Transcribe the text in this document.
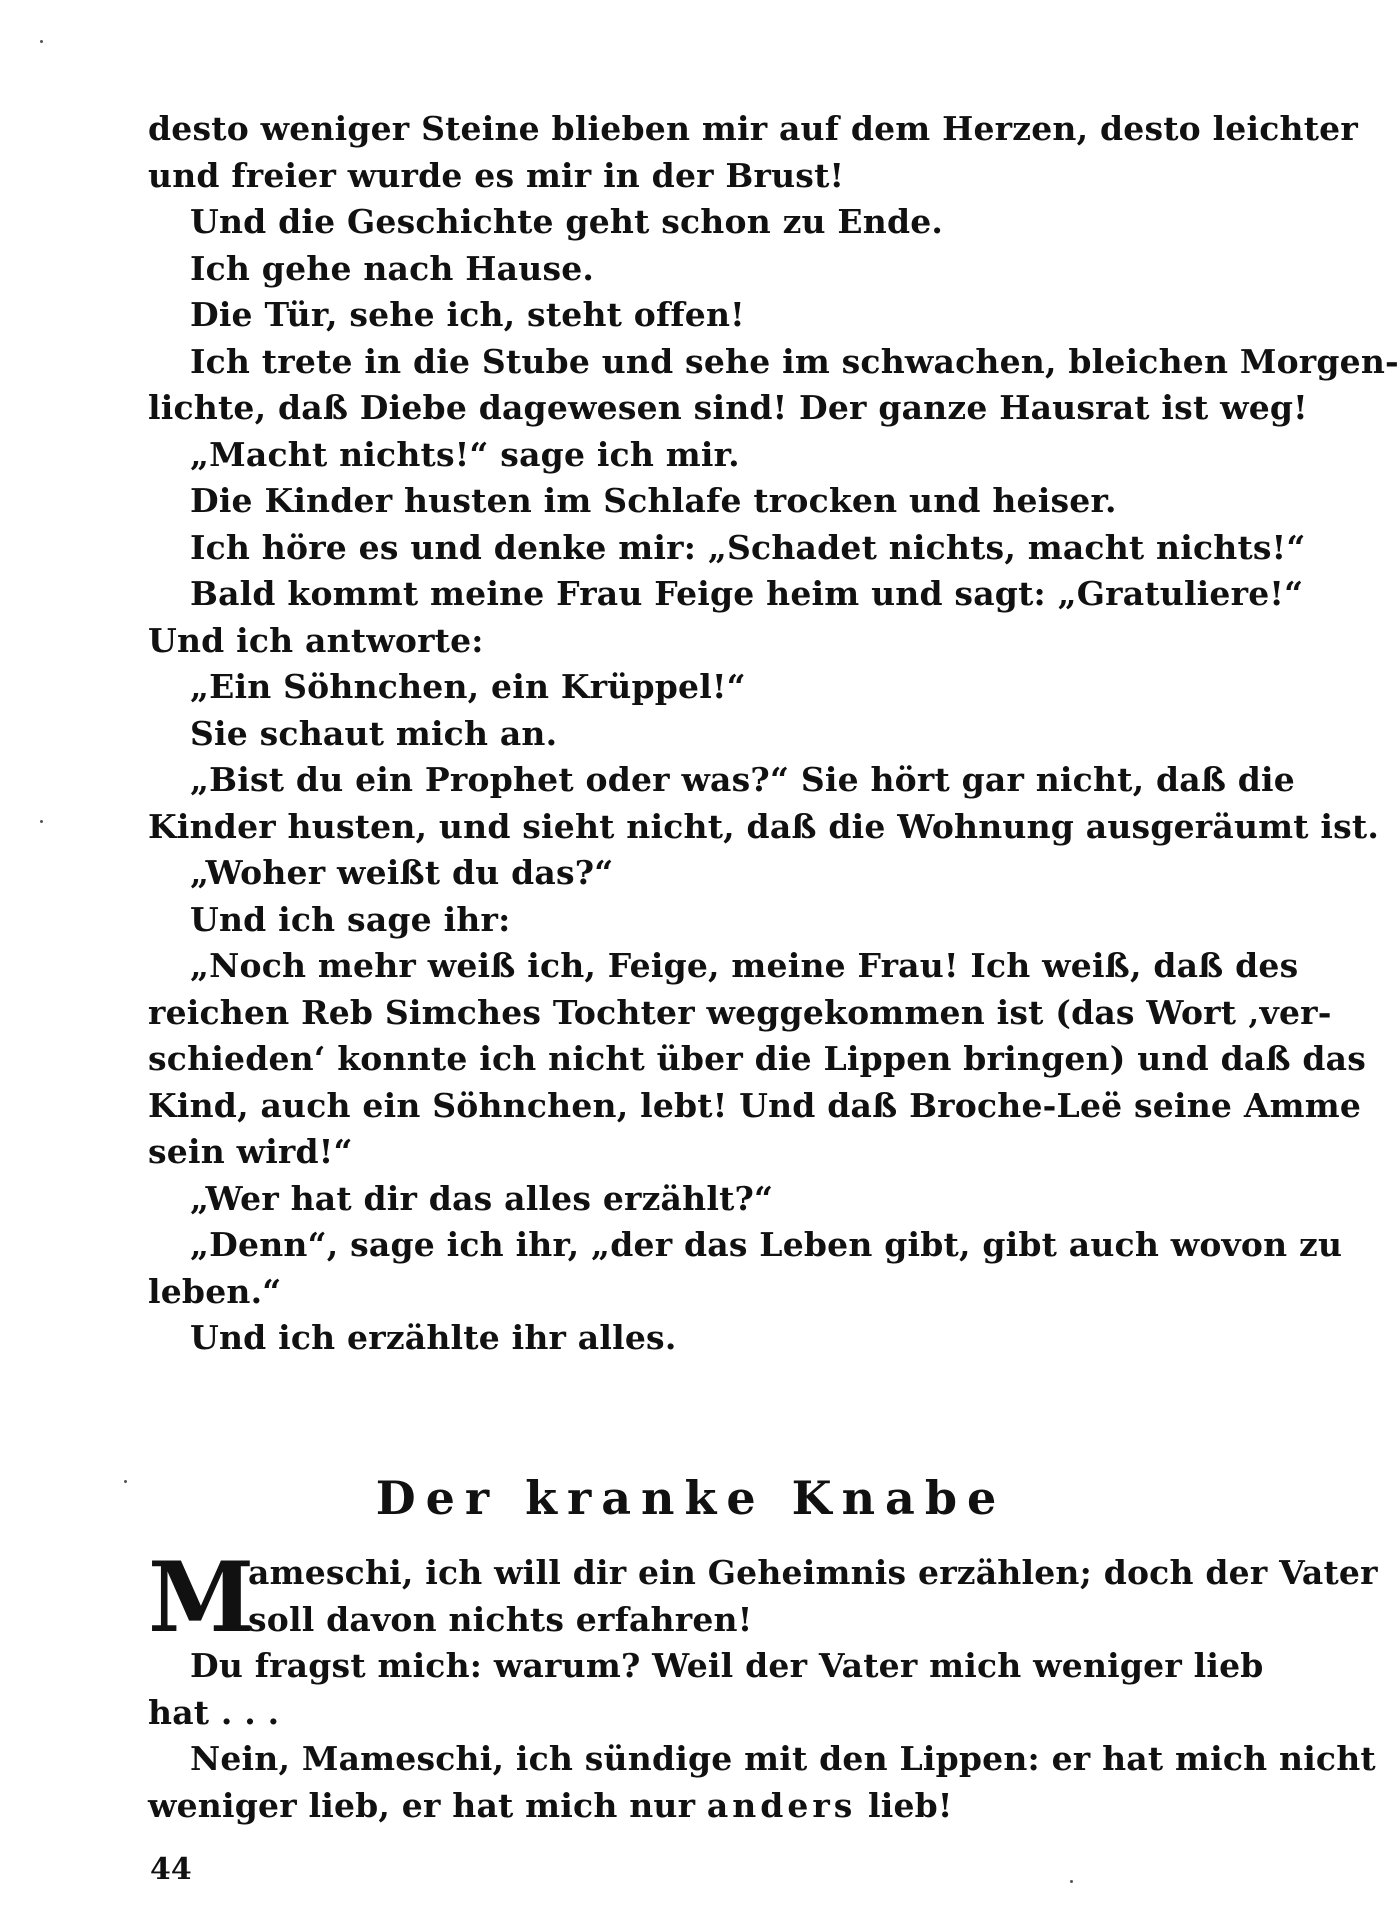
desto weniger Steine blieben mir auf dem Herzen, desto leichter
und freier wurde es mir in der Brust!
Und die Geschichte geht schon zu Ende.
Ich gehe nach Hause.
Die Tür, sehe ich, steht offen!
Ich trete in die Stube und sehe im schwachen, bleichen Morgen-
lichte, daß Diebe dagewesen sind! Der ganze Hausrat ist weg!
„Macht nichts!“ sage ich mir.
Die Kinder husten im Schlafe trocken und heiser.
Ich höre es und denke mir: „Schadet nichts, macht nichts!“
Bald kommt meine Frau Feige heim und sagt: „Gratuliere!“
Und ich antworte:
„Ein Söhnchen, ein Krüppel!“
Sie schaut mich an.
„Bist du ein Prophet oder was?“ Sie hört gar nicht, daß die
Kinder husten, und sieht nicht, daß die Wohnung ausgeräumt ist.
„Woher weißt du das?“
Und ich sage ihr:
„Noch mehr weiß ich, Feige, meine Frau! Ich weiß, daß des
reichen Reb Simches Tochter weggekommen ist (das Wort ‚ver-
schieden‘ konnte ich nicht über die Lippen bringen) und daß das
Kind, auch ein Söhnchen, lebt! Und daß Broche-Leë seine Amme
sein wird!“
„Wer hat dir das alles erzählt?“
„Denn“, sage ich ihr, „der das Leben gibt, gibt auch wovon zu
leben.“
Und ich erzählte ihr alles.
Der kranke Knabe
M
ameschi, ich will dir ein Geheimnis erzählen; doch der Vater
soll davon nichts erfahren!
Du fragst mich: warum? Weil der Vater mich weniger lieb
hat . . .
Nein, Mameschi, ich sündige mit den Lippen: er hat mich nicht
weniger lieb, er hat mich nur anders lieb!
44
